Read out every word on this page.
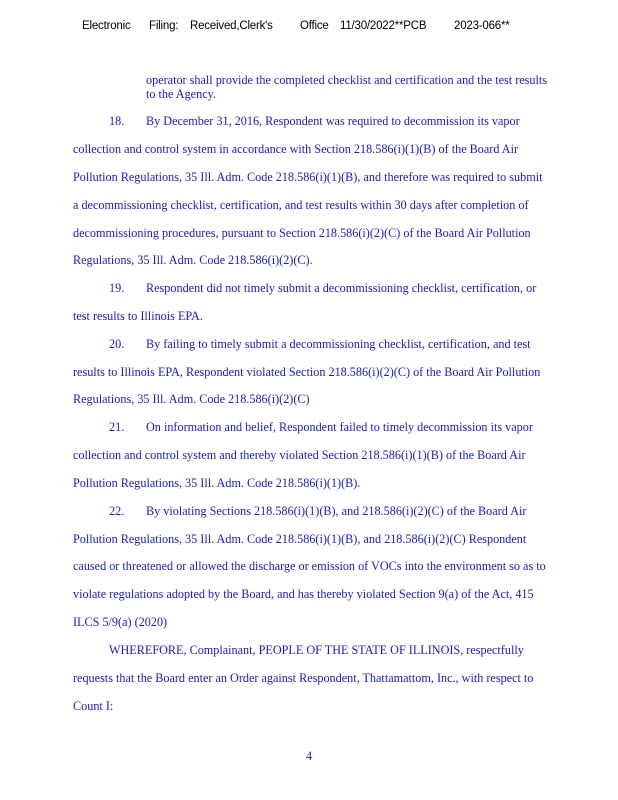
Electronic Filing: Received,Clerk's Office 11/30/2022**PCB 2023-066**
operator shall provide the completed checklist and certification and the test results
to the Agency.
18. By December 31, 2016, Respondent was required to decommission its vapor
collection and control system in accordance with Section 218.586(i)(1)(B) of the Board Air
Pollution Regulations, 35 Ill. Adm. Code 218.586(i)(1)(B), and therefore was required to submit
a decommissioning checklist, certification, and test results within 30 days after completion of
decommissioning procedures, pursuant to Section 218.586(i)(2)(C) of the Board Air Pollution
Regulations, 35 Ill. Adm. Code 218.586(i)(2)(C).
19. Respondent did not timely submit a decommissioning checklist, certification, or
test results to Illinois EPA.
20. By failing to timely submit a decommissioning checklist, certification, and test
results to Illinois EPA, Respondent violated Section 218.586(i)(2)(C) of the Board Air Pollution
Regulations, 35 Ill. Adm. Code 218.586(i)(2)(C)
21. On information and belief, Respondent failed to timely decommission its vapor
collection and control system and thereby violated Section 218.586(i)(1)(B) of the Board Air
Pollution Regulations, 35 Ill. Adm. Code 218.586(i)(1)(B).
22. By violating Sections 218.586(i)(1)(B), and 218.586(i)(2)(C) of the Board Air
Pollution Regulations, 35 Ill. Adm. Code 218.586(i)(1)(B), and 218.586(i)(2)(C) Respondent
caused or threatened or allowed the discharge or emission of VOCs into the environment so as to
violate regulations adopted by the Board, and has thereby violated Section 9(a) of the Act, 415
ILCS 5/9(a) (2020)
WHEREFORE, Complainant, PEOPLE OF THE STATE OF ILLINOIS, respectfully
requests that the Board enter an Order against Respondent, Thattamattom, Inc., with respect to
Count I:
4
